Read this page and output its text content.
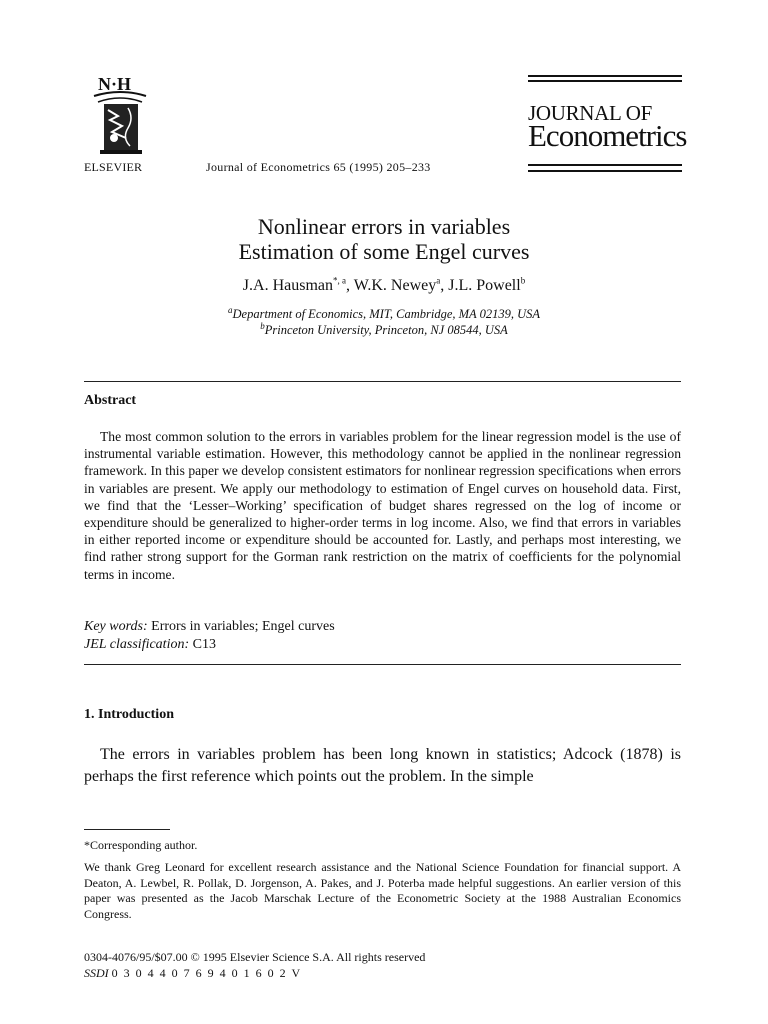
N·H
ELSEVIER	Journal of Econometrics 65 (1995) 205–233
JOURNAL OF
Econometrics
Nonlinear errors in variables
Estimation of some Engel curves
J.A. Hausman$^{*, a}$, W.K. Newey$^a$, J.L. Powell$^b$
$^a$Department of Economics, MIT, Cambridge, MA 02139, USA
$^b$Princeton University, Princeton, NJ 08544, USA
Abstract
The most common solution to the errors in variables problem for the linear regression model is the use of instrumental variable estimation. However, this methodology cannot be applied in the nonlinear regression framework. In this paper we develop consistent estimators for nonlinear regression specifications when errors in variables are present. We apply our methodology to estimation of Engel curves on household data. First, we find that the ‘Lesser–Working’ specification of budget shares regressed on the log of income or expenditure should be generalized to higher-order terms in log income. Also, we find that errors in variables in either reported income or expenditure should be accounted for. Lastly, and perhaps most interesting, we find rather strong support for the Gorman rank restriction on the matrix of coefficients for the polynomial terms in income.
Key words: Errors in variables; Engel curves
JEL classification: C13
1. Introduction
The errors in variables problem has been long known in statistics; Adcock (1878) is perhaps the first reference which points out the problem. In the simple
*Corresponding author.
We thank Greg Leonard for excellent research assistance and the National Science Foundation for financial support. A Deaton, A. Lewbel, R. Pollak, D. Jorgenson, A. Pakes, and J. Poterba made helpful suggestions. An earlier version of this paper was presented as the Jacob Marschak Lecture of the Econometric Society at the 1988 Australian Economics Congress.
0304-4076/95/$07.00 © 1995 Elsevier Science S.A. All rights reserved
SSDI 0 3 0 4 4 0 7 6 9 4 0 1 6 0 2 V
